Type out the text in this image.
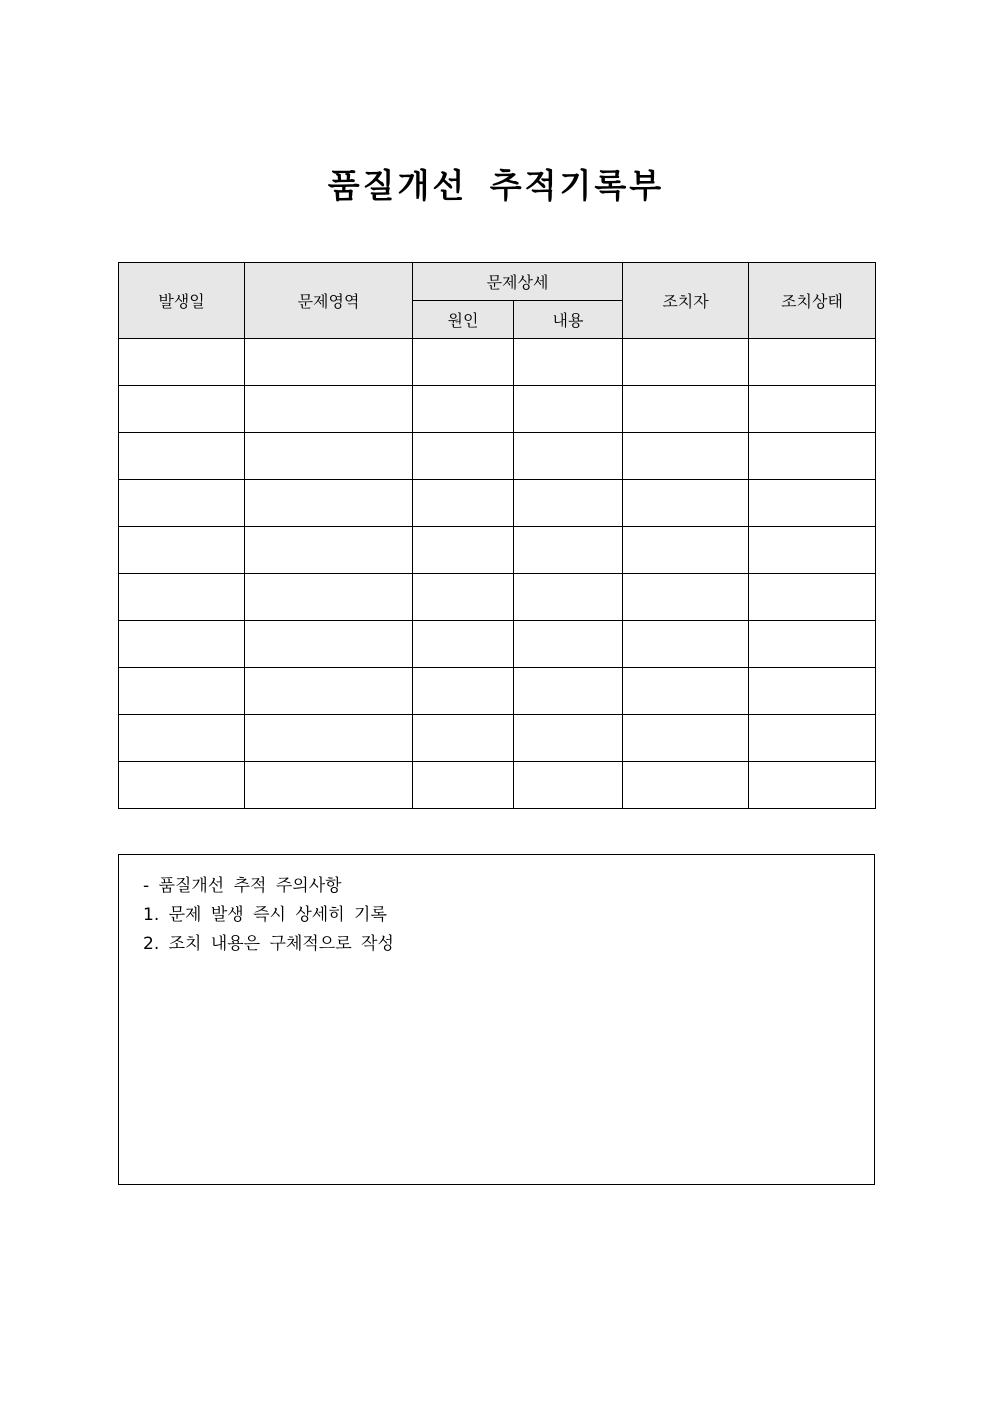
품질개선 추적기록부
발생일	문제영역	문제상세		조치자	조치상태
		원인	내용		

- 품질개선 추적 주의사항
1. 문제 발생 즉시 상세히 기록
2. 조치 내용은 구체적으로 작성
